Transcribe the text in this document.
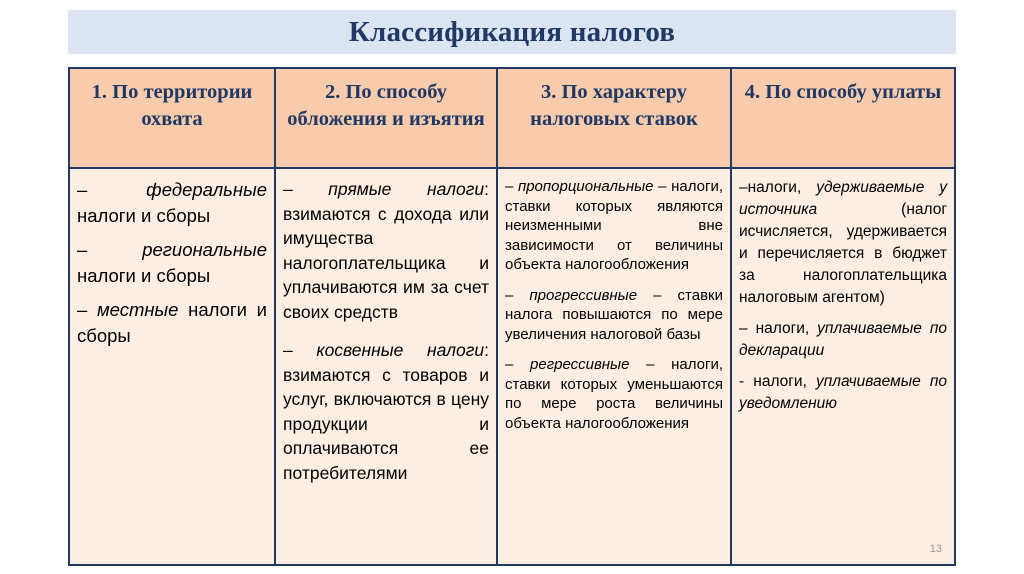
Классификация налогов
1. По территории охвата
2. По способу обложения и изъятия
3. По характеру налоговых ставок
4. По способу уплаты

– федеральные налоги и сборы

– региональные налоги и сборы

– местные налоги и сборы

– прямые налоги: взимаются с дохода или имущества налогоплательщика и уплачиваются им за счет своих средств

– косвенные налоги: взимаются с товаров и услуг, включаются в цену продукции и оплачиваются ее потребителями

– пропорциональные – налоги, ставки которых являются неизменными вне зависимости от величины объекта налогообложения

– прогрессивные – ставки налога повышаются по мере увеличения налоговой базы

– регрессивные – налоги, ставки которых уменьшаются по мере роста величины объекта налогообложения

–налоги, удерживаемые у источника (налог исчисляется, удерживается и перечисляется в бюджет за налогоплательщика налоговым агентом)

– налоги, уплачиваемые по декларации

- налоги, уплачиваемые по уведомлению

13
